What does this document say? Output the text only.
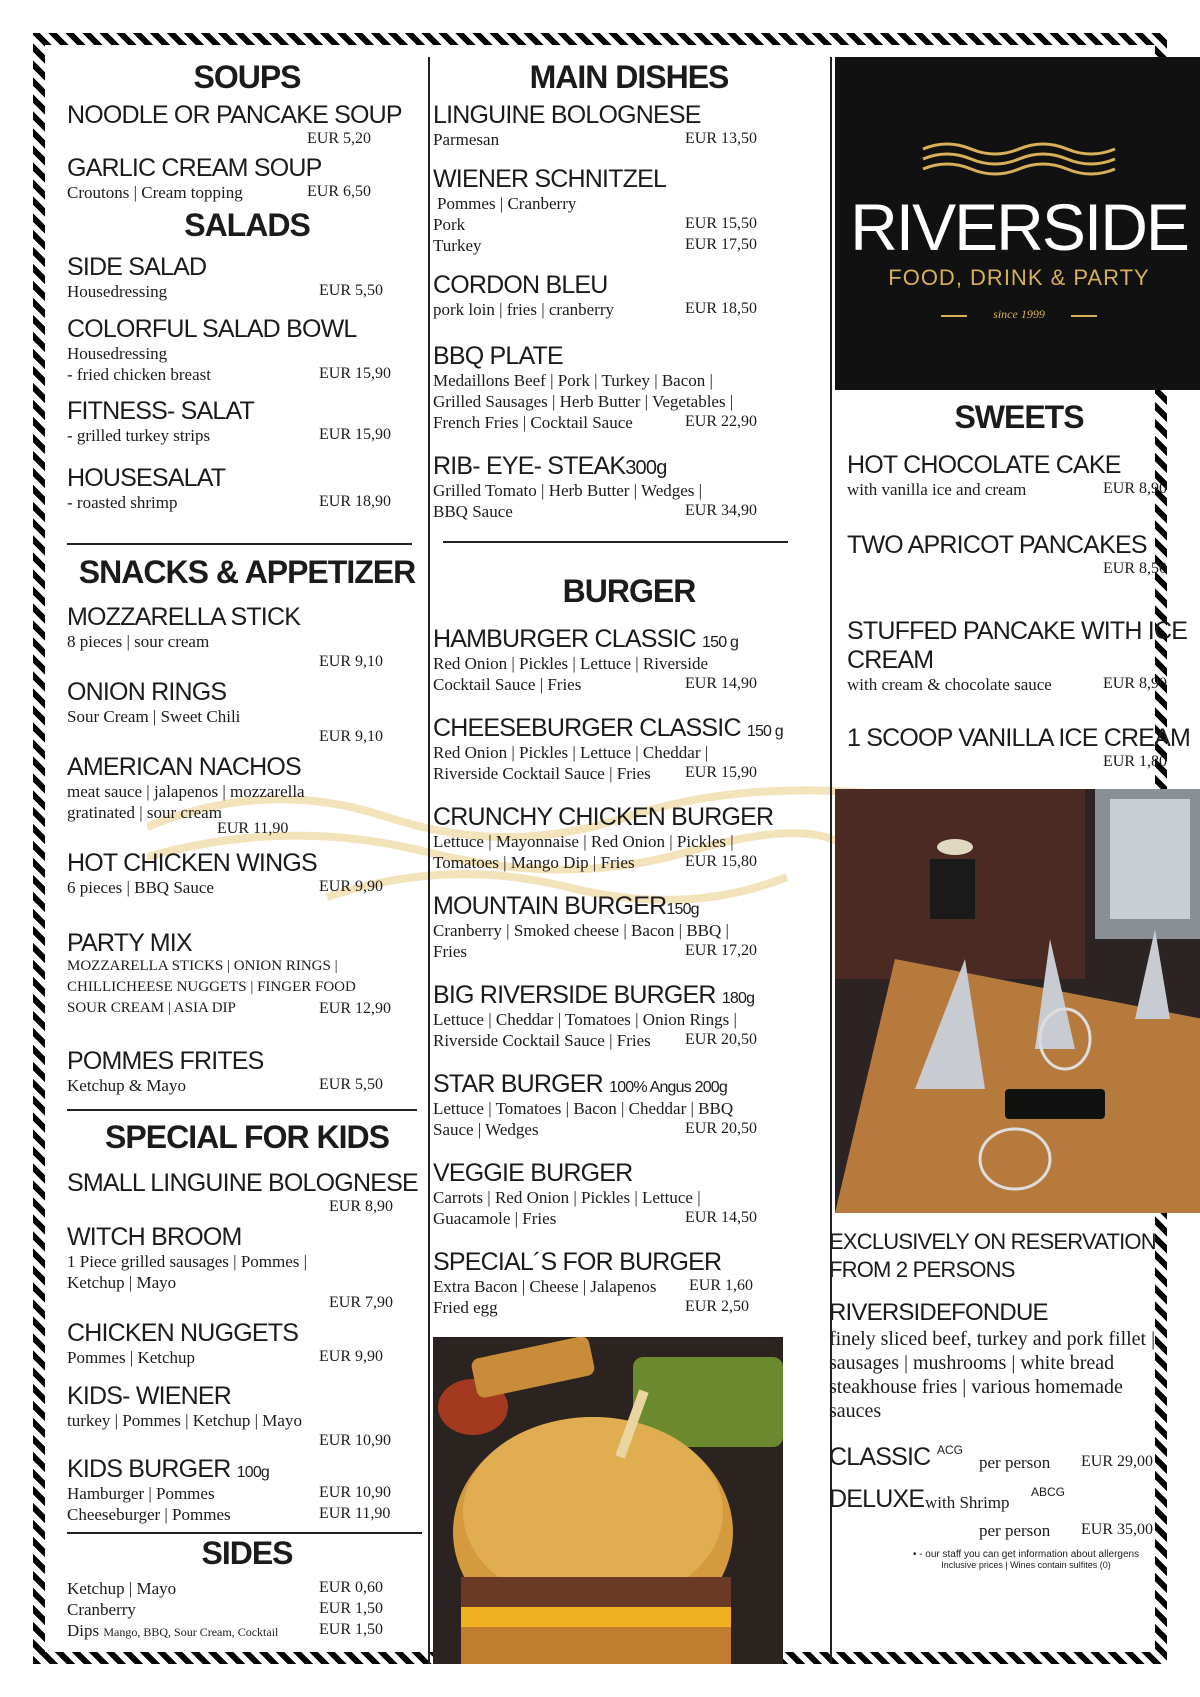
SOUPS
NOODLE OR PANCAKE SOUP
EUR 5,20
GARLIC CREAM SOUP
Croutons | Cream topping	EUR 6,50
SALADS
SIDE SALAD
Housedressing	EUR 5,50
COLORFUL SALAD BOWL
Housedressing
- fried chicken breast	EUR 15,90
FITNESS- SALAT
- grilled turkey strips	EUR 15,90
HOUSESALAT
- roasted shrimp	EUR 18,90
SNACKS & APPETIZER
MOZZARELLA STICK
8 pieces | sour cream
EUR 9,10
ONION RINGS
Sour Cream | Sweet Chili
EUR 9,10
AMERICAN NACHOS
meat sauce | jalapenos | mozzarella
gratinated | sour cream
EUR 11,90
HOT CHICKEN WINGS
6 pieces | BBQ Sauce	EUR 9,90
PARTY MIX
MOZZARELLA STICKS | ONION RINGS |
CHILLICHEESE NUGGETS | FINGER FOOD
SOUR CREAM | ASIA DIP	EUR 12,90
POMMES FRITES
Ketchup & Mayo	EUR 5,50
SPECIAL FOR KIDS
SMALL LINGUINE BOLOGNESE
EUR 8,90
WITCH BROOM
1 Piece grilled sausages | Pommes |
Ketchup | Mayo
EUR 7,90
CHICKEN NUGGETS
Pommes | Ketchup	EUR 9,90
KIDS- WIENER
turkey | Pommes | Ketchup | Mayo
EUR 10,90
KIDS BURGER 100g
Hamburger | Pommes	EUR 10,90
Cheeseburger | Pommes	EUR 11,90
SIDES
Ketchup | Mayo	EUR 0,60
Cranberry	EUR 1,50
Dips Mango, BBQ, Sour Cream, Cocktail	EUR 1,50
MAIN DISHES
LINGUINE BOLOGNESE
Parmesan	EUR 13,50
WIENER SCHNITZEL
Pommes | Cranberry
Pork	EUR 15,50
Turkey	EUR 17,50
CORDON BLEU
pork loin | fries | cranberry	EUR 18,50
BBQ PLATE
Medaillons Beef | Pork | Turkey | Bacon |
Grilled Sausages | Herb Butter | Vegetables |
French Fries | Cocktail Sauce	EUR 22,90
RIB- EYE- STEAK300g
Grilled Tomato | Herb Butter | Wedges |
BBQ Sauce	EUR 34,90
BURGER
HAMBURGER CLASSIC 150 g
Red Onion | Pickles | Lettuce | Riverside
Cocktail Sauce | Fries	EUR 14,90
CHEESEBURGER CLASSIC 150 g
Red Onion | Pickles | Lettuce | Cheddar |
Riverside Cocktail Sauce | Fries EUR 15,90
CRUNCHY CHICKEN BURGER
Lettuce | Mayonnaise | Red Onion | Pickles |
Tomatoes | Mango Dip | Fries	EUR 15,80
MOUNTAIN BURGER150g
Cranberry | Smoked cheese | Bacon | BBQ |
Fries	EUR 17,20
BIG RIVERSIDE BURGER 180g
Lettuce | Cheddar | Tomatoes | Onion Rings |
Riverside Cocktail Sauce | Fries EUR 20,50
STAR BURGER 100% Angus 200g
Lettuce | Tomatoes | Bacon | Cheddar | BBQ
Sauce | Wedges	EUR 20,50
VEGGIE BURGER
Carrots | Red Onion | Pickles | Lettuce |
Guacamole | Fries	EUR 14,50
SPECIAL´S FOR BURGER
Extra Bacon | Cheese | Jalapenos EUR 1,60
Fried egg	EUR 2,50
RIVERSIDE
FOOD, DRINK & PARTY
since 1999
SWEETS
HOT CHOCOLATE CAKE
with vanilla ice and cream	EUR 8,90
TWO APRICOT PANCAKES
EUR 8,50
STUFFED PANCAKE WITH ICE
CREAM
with cream & chocolate sauce	EUR 8,90
1 SCOOP VANILLA ICE CREAM
EUR 1,80
EXCLUSIVELY ON RESERVATION
FROM 2 PERSONS
RIVERSIDEFONDUE
finely sliced beef, turkey and pork fillet |
sausages | mushrooms | white bread
steakhouse fries | various homemade
sauces
CLASSIC ACG
per person EUR 29,00
DELUXE with Shrimp
ABCG
per person EUR 35,00
• - our staff you can get information about allergens
Inclusive prices | Wines contain sulfites (0)
